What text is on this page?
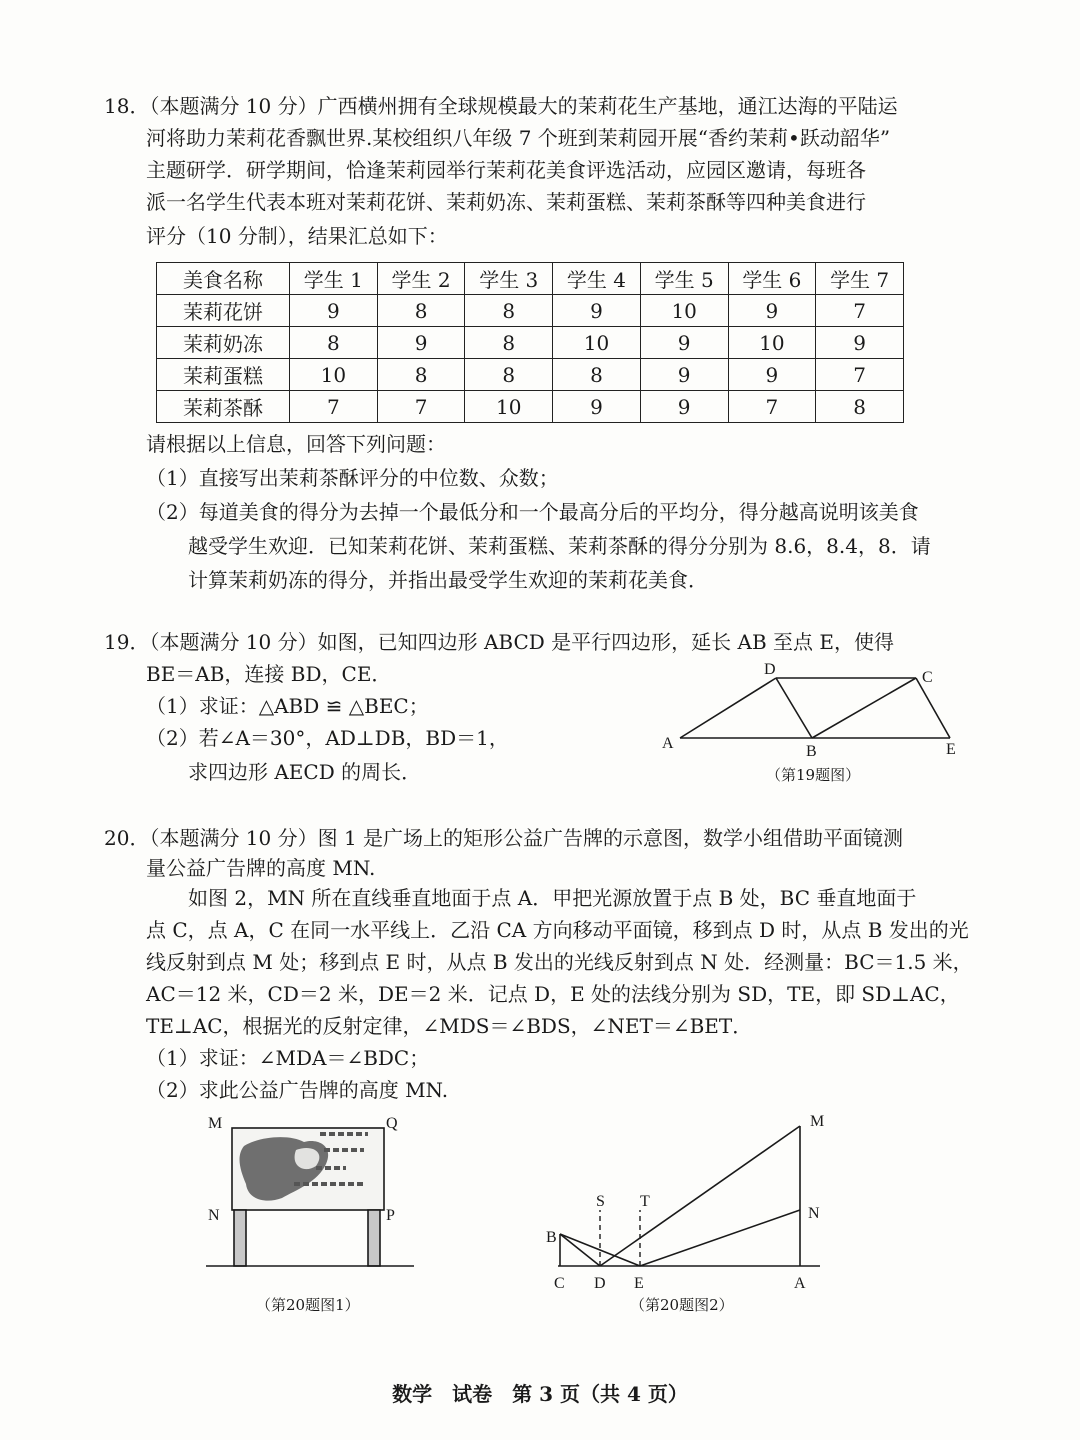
18．（本题满分 10 分）广西横州拥有全球规模最大的茉莉花生产基地，通江达海的平陆运
河将助力茉莉花香飘世界.某校组织八年级 7 个班到茉莉园开展“香约茉莉•跃动韶华”
主题研学．研学期间，恰逢茉莉园举行茉莉花美食评选活动，应园区邀请，每班各
派一名学生代表本班对茉莉花饼、茉莉奶冻、茉莉蛋糕、茉莉茶酥等四种美食进行
评分（10 分制），结果汇总如下：
美食名称	学生 1	学生 2	学生 3	学生 4	学生 5	学生 6	学生 7
茉莉花饼	9	8	8	9	10	9	7
茉莉奶冻	8	9	8	10	9	10	9
茉莉蛋糕	10	8	8	8	9	9	7
茉莉茶酥	7	7	10	9	9	7	8
请根据以上信息，回答下列问题：
（1）直接写出茉莉茶酥评分的中位数、众数；
（2）每道美食的得分为去掉一个最低分和一个最高分后的平均分，得分越高说明该美食
越受学生欢迎．已知茉莉花饼、茉莉蛋糕、茉莉茶酥的得分分别为 8.6，8.4，8．请
计算茉莉奶冻的得分，并指出最受学生欢迎的茉莉花美食．
19．（本题满分 10 分）如图，已知四边形 ABCD 是平行四边形，延长 AB 至点 E，使得
BE＝AB，连接 BD，CE．
（1）求证：△ABD ≌ △BEC；
（2）若∠A＝30°，AD⊥DB，BD＝1，
求四边形 AECD 的周长．
D	C
A	B	E
（第19题图）
20．（本题满分 10 分）图 1 是广场上的矩形公益广告牌的示意图，数学小组借助平面镜测
量公益广告牌的高度 MN.
如图 2，MN 所在直线垂直地面于点 A．甲把光源放置于点 B 处，BC 垂直地面于
点 C，点 A，C 在同一水平线上．乙沿 CA 方向移动平面镜，移到点 D 时，从点 B 发出的光
线反射到点 M 处；移到点 E 时，从点 B 发出的光线反射到点 N 处．经测量：BC＝1.5 米，
AC＝12 米，CD＝2 米，DE＝2 米．记点 D，E 处的法线分别为 SD，TE，即 SD⊥AC，
TE⊥AC，根据光的反射定律，∠MDS＝∠BDS，∠NET＝∠BET．
（1）求证：∠MDA＝∠BDC；
（2）求此公益广告牌的高度 MN.
M	Q
N	P
（第20题图1）
M
N
S T
B
C D E	A
（第20题图2）
数学　试卷　第 3 页（共 4 页）
